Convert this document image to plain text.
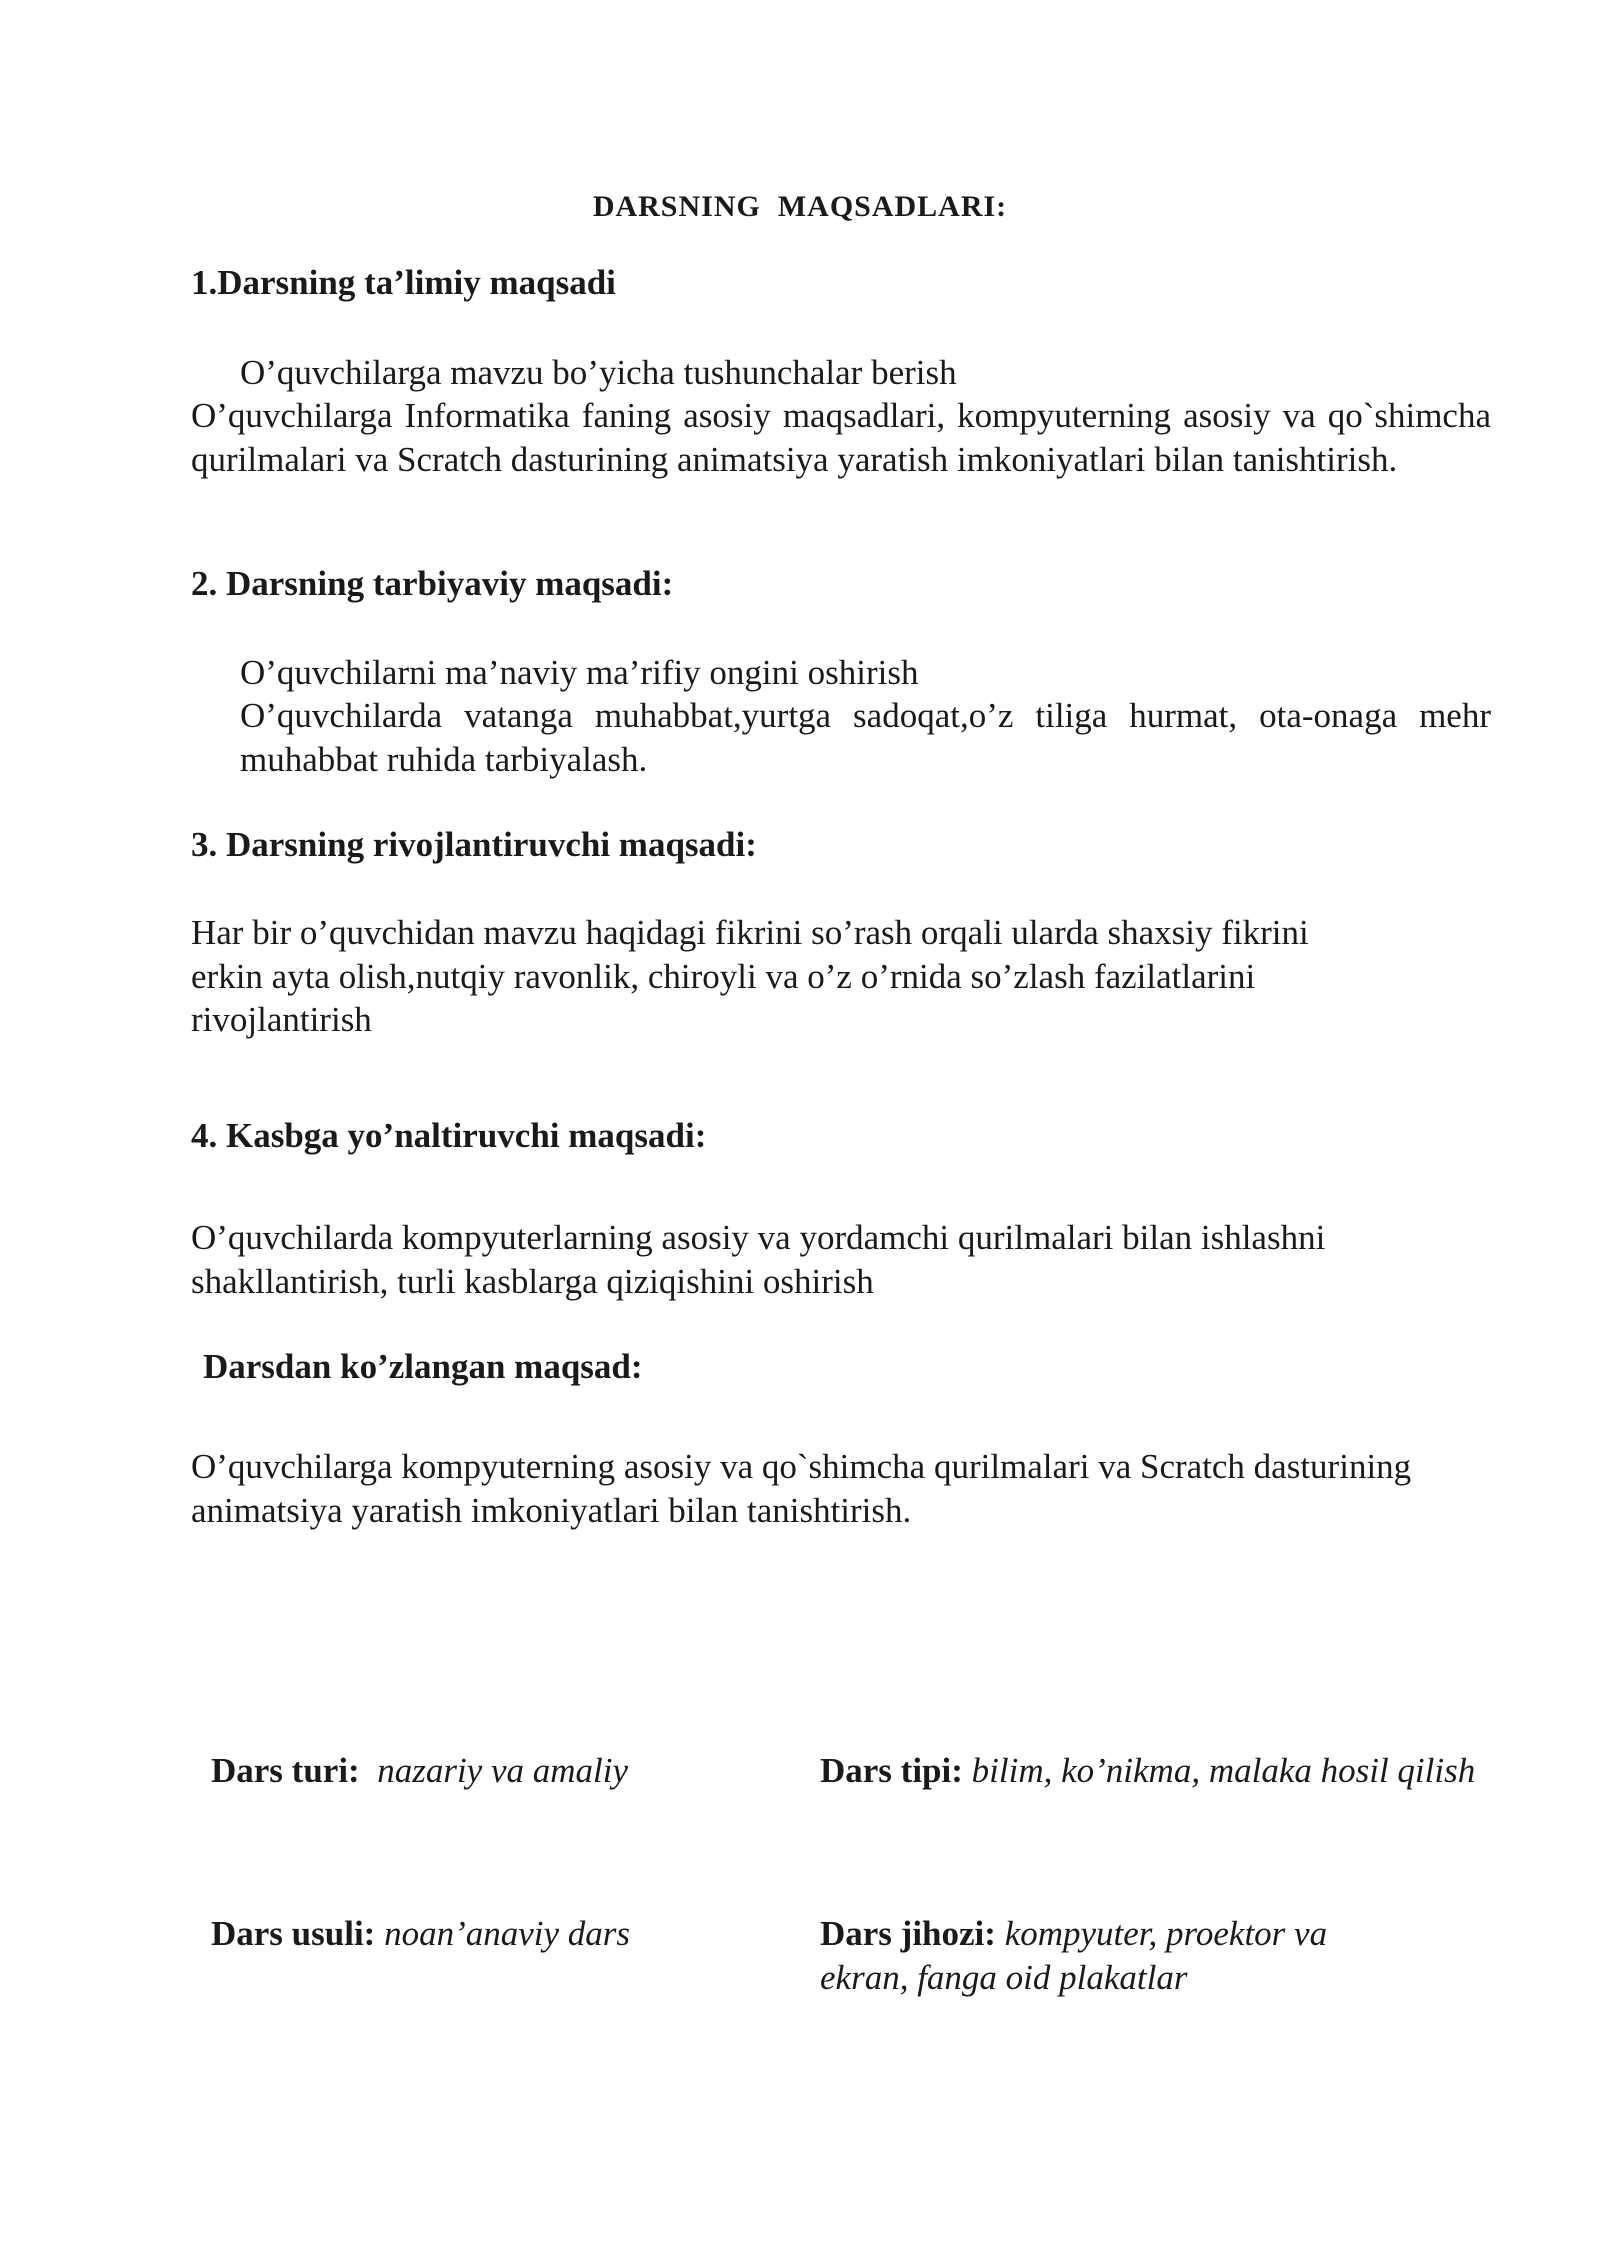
DARSNING  MAQSADLARI:

1.Darsning ta’limiy maqsadi

O’quvchilarga mavzu bo’yicha tushunchalar berish

O’quvchilarga Informatika faning asosiy maqsadlari, kompyuterning asosiy va qo`shimcha qurilmalari va Scratch dasturining animatsiya yaratish imkoniyatlari bilan tanishtirish.

2. Darsning tarbiyaviy maqsadi:

O’quvchilarni ma’naviy ma’rifiy ongini oshirish

O’quvchilarda vatanga muhabbat,yurtga sadoqat,o’z tiliga hurmat, ota-onaga mehr muhabbat ruhida tarbiyalash.

3. Darsning rivojlantiruvchi maqsadi:

Har bir o’quvchidan mavzu haqidagi fikrini so’rash orqali ularda shaxsiy fikrini
erkin ayta olish,nutqiy ravonlik, chiroyli va o’z o’rnida so’zlash fazilatlarini
rivojlantirish

4. Kasbga yo’naltiruvchi maqsadi:

O’quvchilarda kompyuterlarning asosiy va yordamchi qurilmalari bilan ishlashni
shakllantirish, turli kasblarga qiziqishini oshirish

Darsdan ko’zlangan maqsad:

O’quvchilarga kompyuterning asosiy va qo`shimcha qurilmalari va Scratch dasturining
animatsiya yaratish imkoniyatlari bilan tanishtirish.

Dars turi: nazariy va amaliy	Dars tipi: bilim, ko’nikma, malaka hosil qilish
Dars usuli: noan’anaviy dars	Dars jihozi: kompyuter, proektor va ekran, fanga oid plakatlar
